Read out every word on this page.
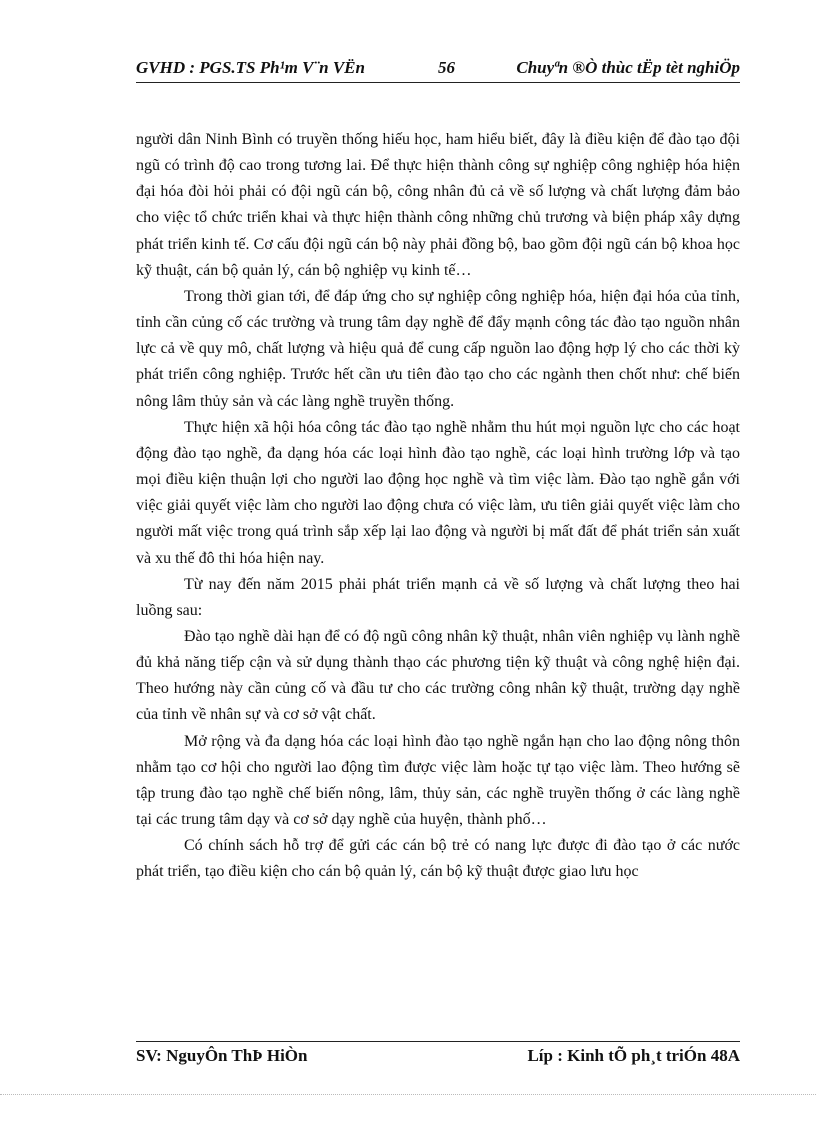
GVHD : PGS.TS Ph¹m V¨n VËn	56	Chuyªn ®Ò thùc tËp tèt nghiÖp

người dân Ninh Bình có truyền thống hiếu học, ham hiểu biết, đây là điều kiện để đào tạo đội ngũ có trình độ cao trong tương lai. Để thực hiện thành công sự nghiệp công nghiệp hóa hiện đại hóa đòi hỏi phải có đội ngũ cán bộ, công nhân đủ cả về số lượng và chất lượng đảm bảo cho việc tổ chức triển khai và thực hiện thành công những chủ trương và biện pháp xây dựng phát triển kinh tế. Cơ cấu đội ngũ cán bộ này phải đồng bộ, bao gồm đội ngũ cán bộ khoa học kỹ thuật, cán bộ quản lý, cán bộ nghiệp vụ kinh tế…

Trong thời gian tới, để đáp ứng cho sự nghiệp công nghiệp hóa, hiện đại hóa của tỉnh, tỉnh cần củng cố các trường và trung tâm dạy nghề để đẩy mạnh công tác đào tạo nguồn nhân lực cả về quy mô, chất lượng và hiệu quả để cung cấp nguồn lao động hợp lý cho các thời kỳ phát triển công nghiệp. Trước hết cần ưu tiên đào tạo cho các ngành then chốt như: chế biến nông lâm thủy sản và các làng nghề truyền thống.

Thực hiện xã hội hóa công tác đào tạo nghề nhằm thu hút mọi nguồn lực cho các hoạt động đào tạo nghề, đa dạng hóa các loại hình đào tạo nghề, các loại hình trường lớp và tạo mọi điều kiện thuận lợi cho người lao động học nghề và tìm việc làm. Đào tạo nghề gắn với việc giải quyết việc làm cho người lao động chưa có việc làm, ưu tiên giải quyết việc làm cho người mất việc trong quá trình sắp xếp lại lao động và người bị mất đất để phát triển sản xuất và xu thế đô thi hóa hiện nay.

Từ nay đến năm 2015 phải phát triển mạnh cả về số lượng và chất lượng theo hai luồng sau:

Đào tạo nghề dài hạn để có độ ngũ công nhân kỹ thuật, nhân viên nghiệp vụ lành nghề đủ khả năng tiếp cận và sử dụng thành thạo các phương tiện kỹ thuật và công nghệ hiện đại. Theo hướng này cần củng cố và đầu tư cho các trường công nhân kỹ thuật, trường dạy nghề của tỉnh về nhân sự và cơ sở vật chất.

Mở rộng và đa dạng hóa các loại hình đào tạo nghề ngắn hạn cho lao động nông thôn nhằm tạo cơ hội cho người lao động tìm được việc làm hoặc tự tạo việc làm. Theo hướng sẽ tập trung đào tạo nghề chế biến nông, lâm, thủy sản, các nghề truyền thống ở các làng nghề tại các trung tâm dạy và cơ sở dạy nghề của huyện, thành phố…

Có chính sách hỗ trợ để gửi các cán bộ trẻ có nang lực được đi đào tạo ở các nước phát triển, tạo điều kiện cho cán bộ quản lý, cán bộ kỹ thuật được giao lưu học

SV: NguyÔn ThÞ HiÒn	Líp : Kinh tÕ ph¸t triÓn 48A
